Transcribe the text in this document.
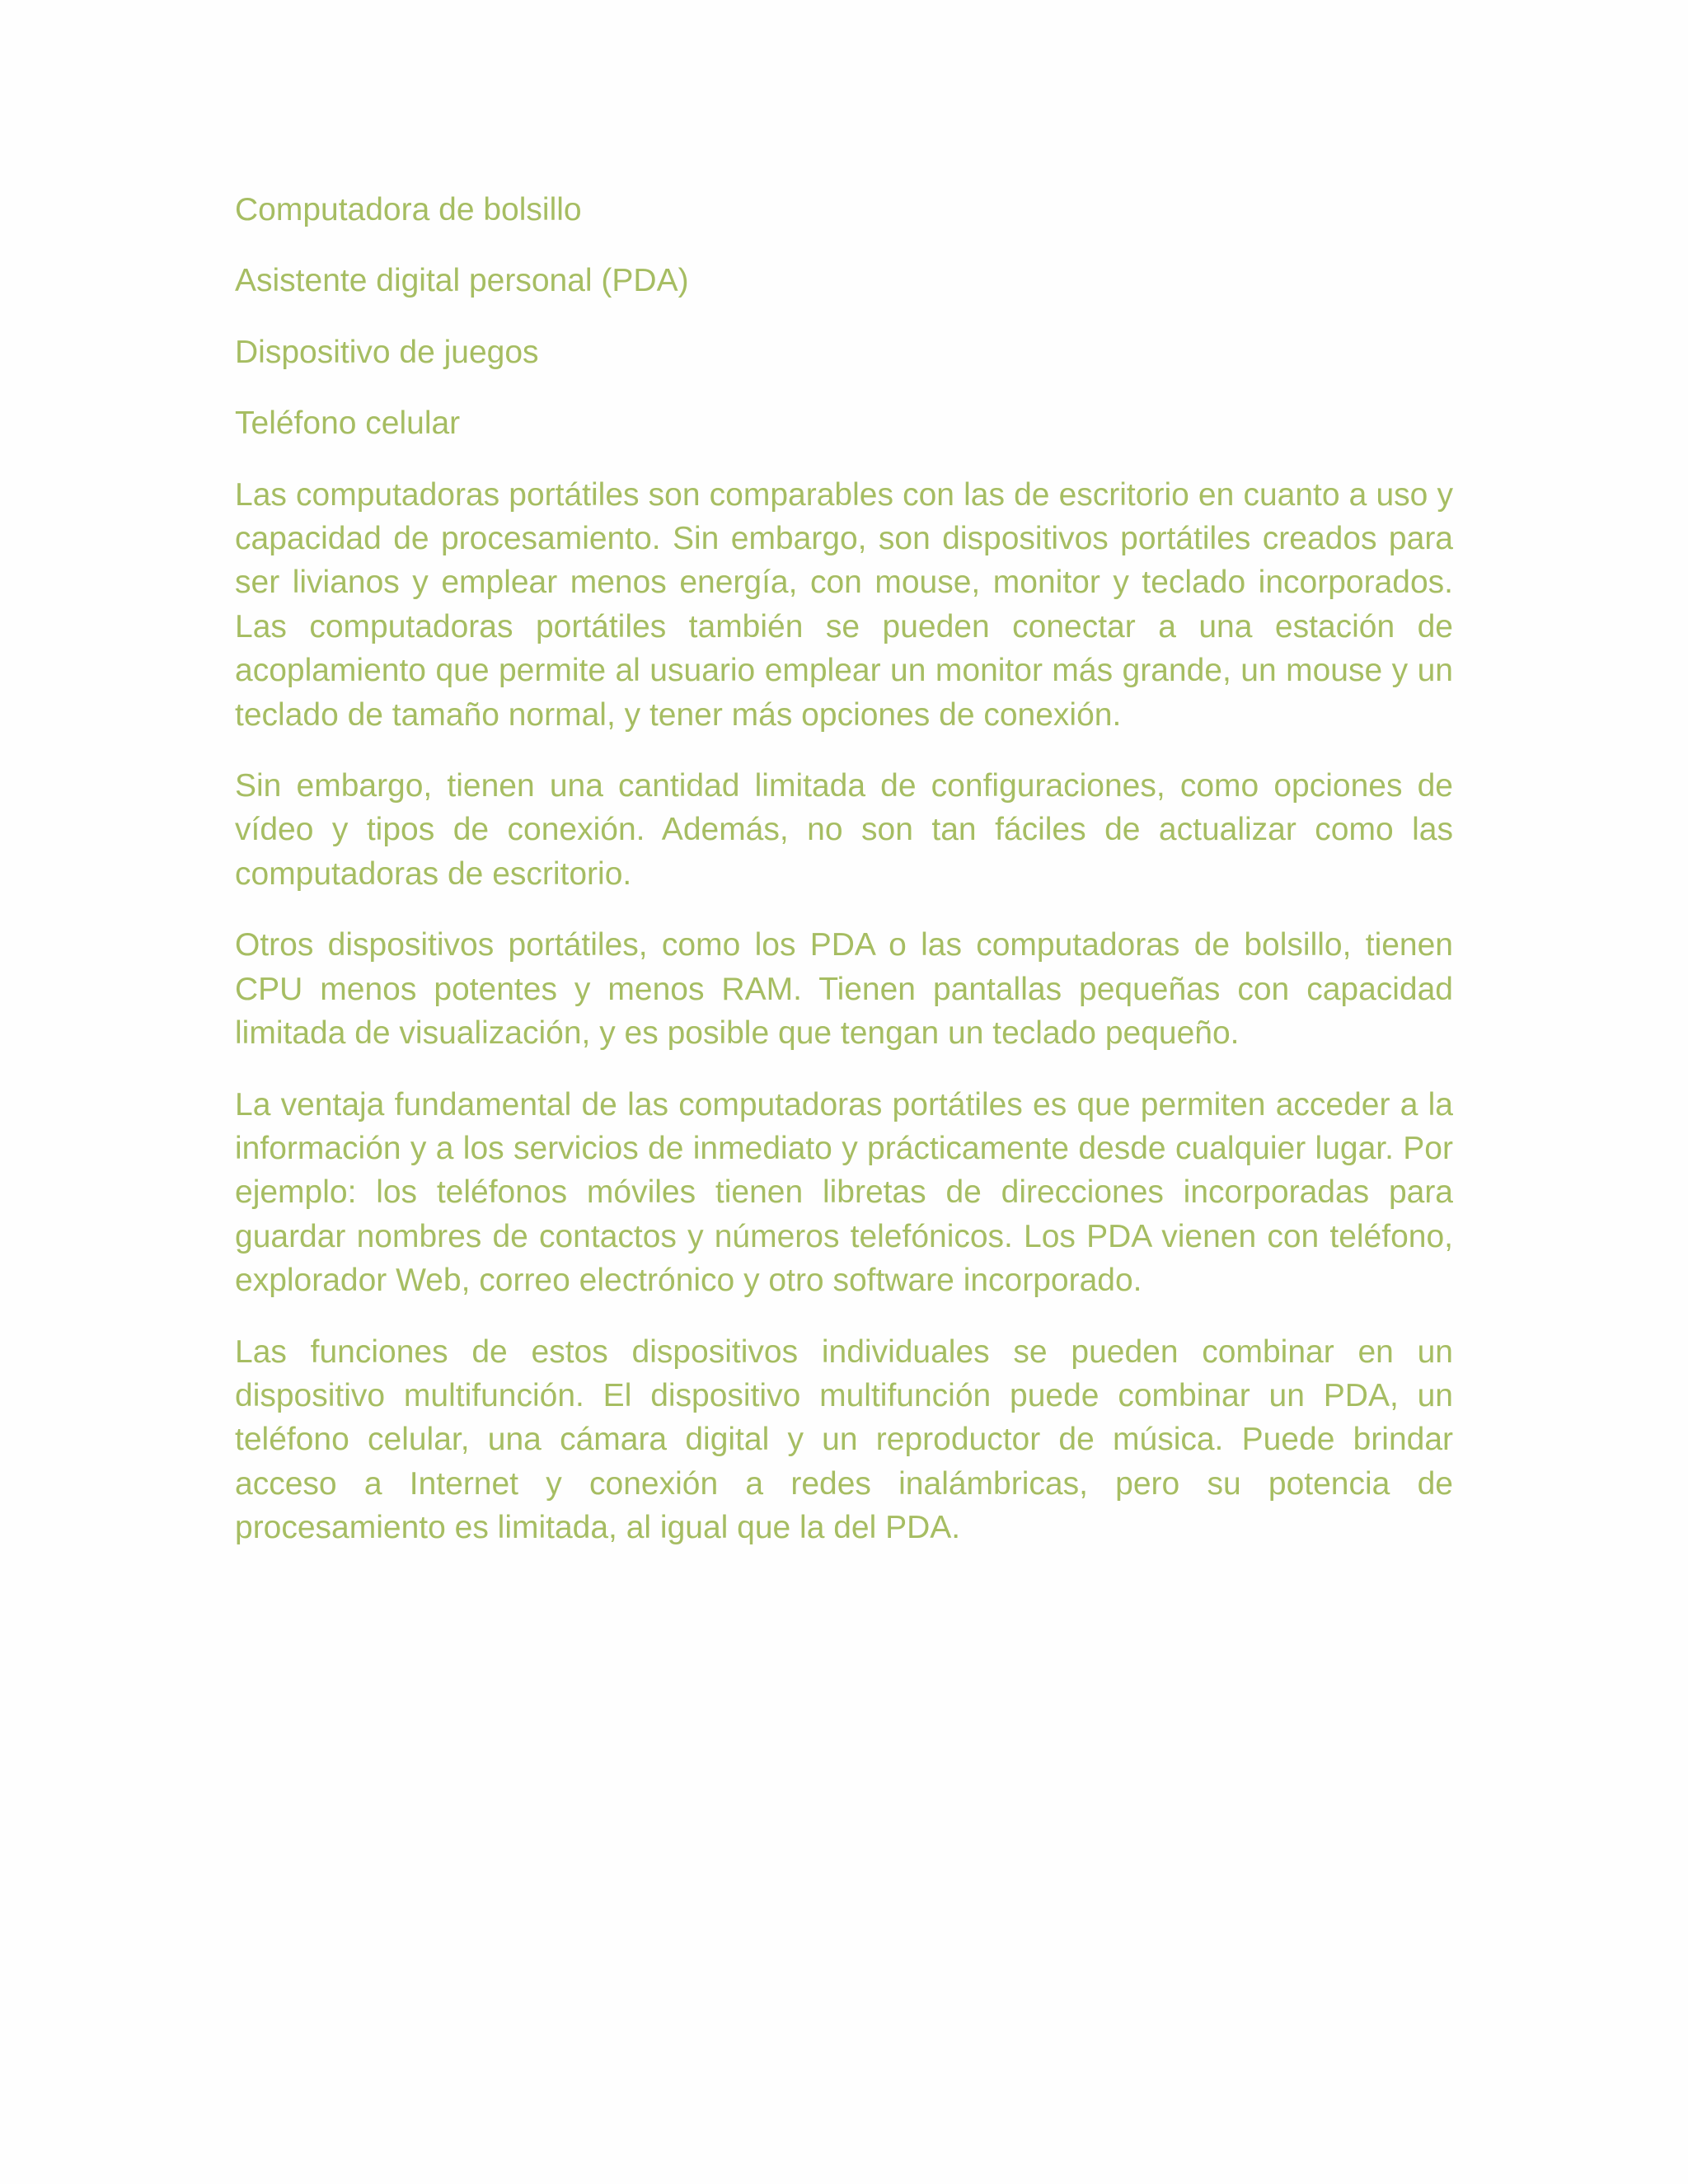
Computadora de bolsillo

Asistente digital personal (PDA)

Dispositivo de juegos

Teléfono celular

Las computadoras portátiles son comparables con las de escritorio en cuanto a uso y capacidad de procesamiento. Sin embargo, son dispositivos portátiles creados para ser livianos y emplear menos energía, con mouse, monitor y teclado incorporados. Las computadoras portátiles también se pueden conectar a una estación de acoplamiento que permite al usuario emplear un monitor más grande, un mouse y un teclado de tamaño normal, y tener más opciones de conexión.

Sin embargo, tienen una cantidad limitada de configuraciones, como opciones de vídeo y tipos de conexión. Además, no son tan fáciles de actualizar como las computadoras de escritorio.

Otros dispositivos portátiles, como los PDA o las computadoras de bolsillo, tienen CPU menos potentes y menos RAM. Tienen pantallas pequeñas con capacidad limitada de visualización, y es posible que tengan un teclado pequeño.

La ventaja fundamental de las computadoras portátiles es que permiten acceder a la información y a los servicios de inmediato y prácticamente desde cualquier lugar. Por ejemplo: los teléfonos móviles tienen libretas de direcciones incorporadas para guardar nombres de contactos y números telefónicos. Los PDA vienen con teléfono, explorador Web, correo electrónico y otro software incorporado.

Las funciones de estos dispositivos individuales se pueden combinar en un dispositivo multifunción. El dispositivo multifunción puede combinar un PDA, un teléfono celular, una cámara digital y un reproductor de música. Puede brindar acceso a Internet y conexión a redes inalámbricas, pero su potencia de procesamiento es limitada, al igual que la del PDA.
